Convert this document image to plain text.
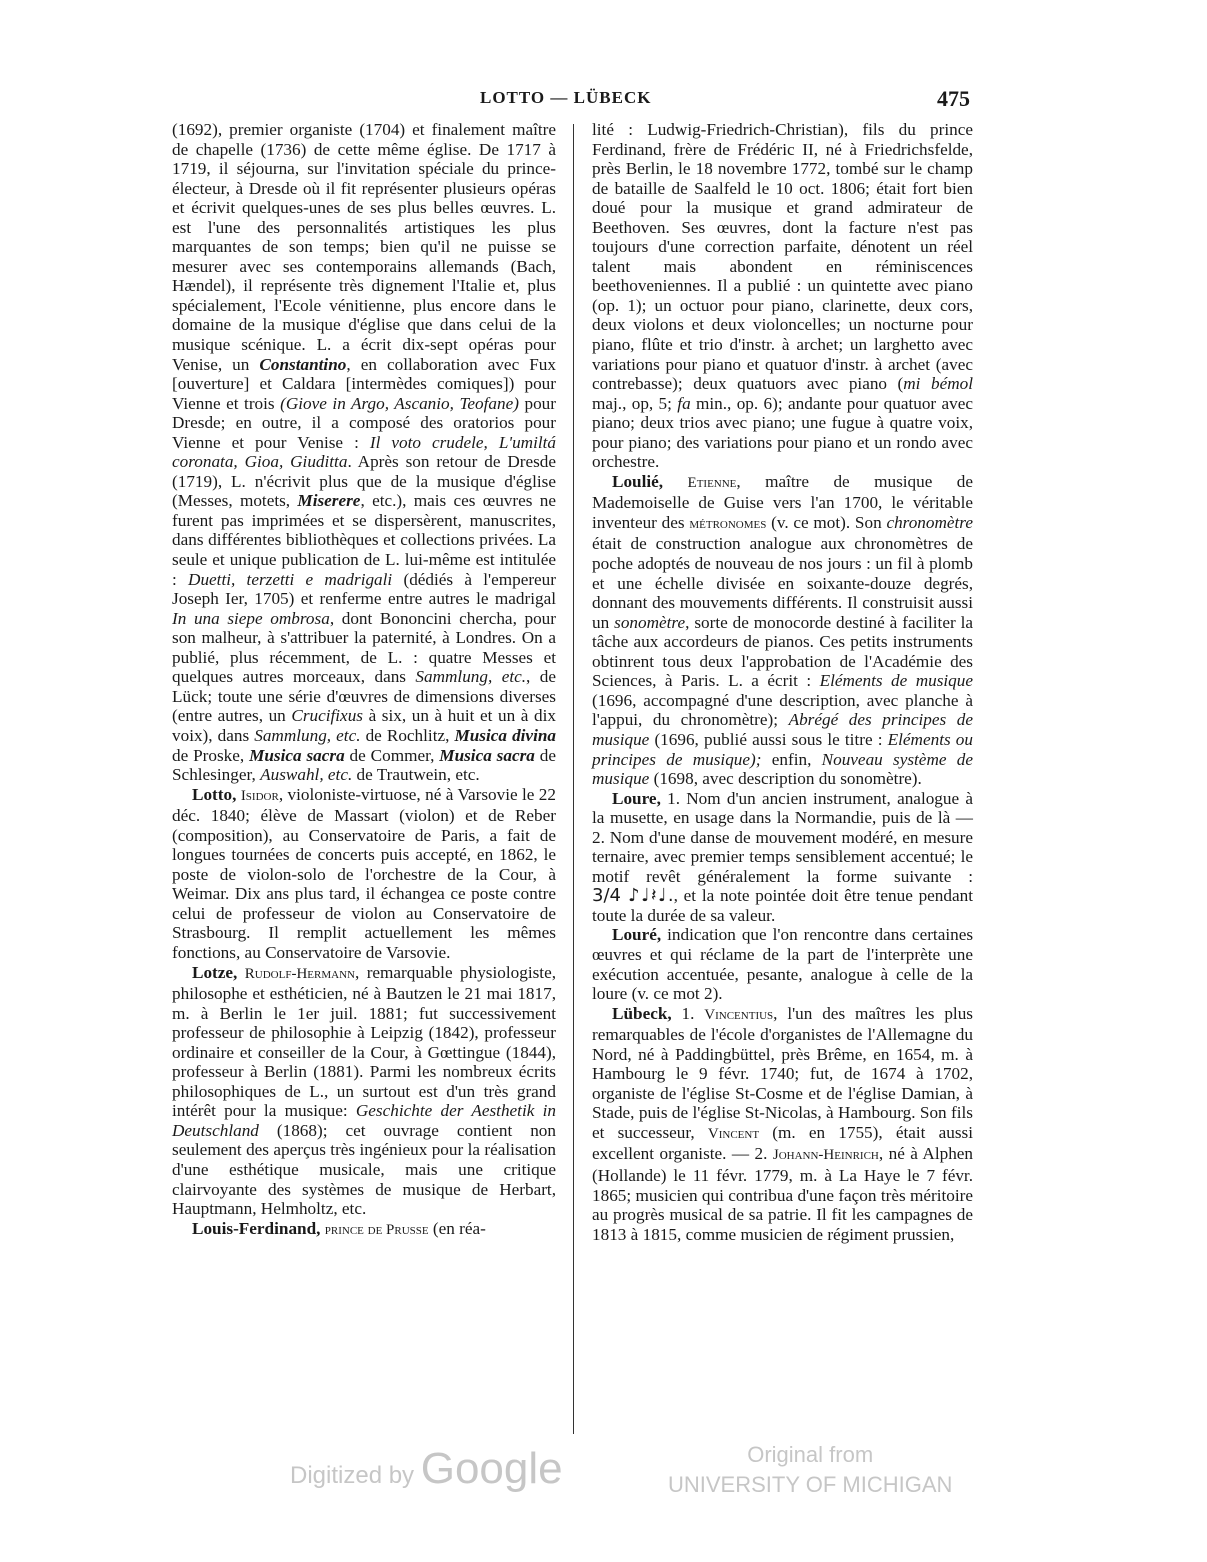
LOTTO — LÜBECK	475

(1692), premier organiste (1704) et finalement maître de chapelle (1736) de cette même église. De 1717 à 1719, il séjourna, sur l'invitation spéciale du prince-électeur, à Dresde où il fit représenter plusieurs opéras et écrivit quelques-unes de ses plus belles œuvres. L. est l'une des personnalités artistiques les plus marquantes de son temps; bien qu'il ne puisse se mesurer avec ses contemporains allemands (Bach, Hændel), il représente très dignement l'Italie et, plus spécialement, l'Ecole vénitienne, plus encore dans le domaine de la musique d'église que dans celui de la musique scénique. L. a écrit dix-sept opéras pour Venise, un Constantino, en collaboration avec Fux [ouverture] et Caldara [intermèdes comiques]) pour Vienne et trois (Giove in Argo, Ascanio, Teofane) pour Dresde; en outre, il a composé des oratorios pour Vienne et pour Venise : Il voto crudele, L'umiltá coronata, Gioa, Giuditta. Après son retour de Dresde (1719), L. n'écrivit plus que de la musique d'église (Messes, motets, Miserere, etc.), mais ces œuvres ne furent pas imprimées et se dispersèrent, manuscrites, dans différentes bibliothèques et collections privées. La seule et unique publication de L. lui-même est intitulée : Duetti, terzetti e madrigali (dédiés à l'empereur Joseph Ier, 1705) et renferme entre autres le madrigal In una siepe ombrosa, dont Bononcini chercha, pour son malheur, à s'attribuer la paternité, à Londres. On a publié, plus récemment, de L. : quatre Messes et quelques autres morceaux, dans Sammlung, etc., de Lück; toute une série d'œuvres de dimensions diverses (entre autres, un Crucifixus à six, un à huit et un à dix voix), dans Sammlung, etc. de Rochlitz, Musica divina de Proske, Musica sacra de Commer, Musica sacra de Schlesinger, Auswahl, etc. de Trautwein, etc.

Lotto, Isidor, violoniste-virtuose, né à Varsovie le 22 déc. 1840; élève de Massart (violon) et de Reber (composition), au Conservatoire de Paris, a fait de longues tournées de concerts puis accepté, en 1862, le poste de violon-solo de l'orchestre de la Cour, à Weimar. Dix ans plus tard, il échangea ce poste contre celui de professeur de violon au Conservatoire de Strasbourg. Il remplit actuellement les mêmes fonctions, au Conservatoire de Varsovie.

Lotze, Rudolf-Hermann, remarquable physiologiste, philosophe et esthéticien, né à Bautzen le 21 mai 1817, m. à Berlin le 1er juil. 1881; fut successivement professeur de philosophie à Leipzig (1842), professeur ordinaire et conseiller de la Cour, à Gœttingue (1844), professeur à Berlin (1881). Parmi les nombreux écrits philosophiques de L., un surtout est d'un très grand intérêt pour la musique: Geschichte der Aesthetik in Deutschland (1868); cet ouvrage contient non seulement des aperçus très ingénieux pour la réalisation d'une esthétique musicale, mais une critique clairvoyante des systèmes de musique de Herbart, Hauptmann, Helmholtz, etc.

Louis-Ferdinand, prince de Prusse (en réa-

lité : Ludwig-Friedrich-Christian), fils du prince Ferdinand, frère de Frédéric II, né à Friedrichsfelde, près Berlin, le 18 novembre 1772, tombé sur le champ de bataille de Saalfeld le 10 oct. 1806; était fort bien doué pour la musique et grand admirateur de Beethoven. Ses œuvres, dont la facture n'est pas toujours d'une correction parfaite, dénotent un réel talent mais abondent en réminiscences beethoveniennes. Il a publié : un quintette avec piano (op. 1); un octuor pour piano, clarinette, deux cors, deux violons et deux violoncelles; un nocturne pour piano, flûte et trio d'instr. à archet; un larghetto avec variations pour piano et quatuor d'instr. à archet (avec contrebasse); deux quatuors avec piano (mi bémol maj., op, 5; fa min., op. 6); andante pour quatuor avec piano; deux trios avec piano; une fugue à quatre voix, pour piano; des variations pour piano et un rondo avec orchestre.

Loulié, Etienne, maître de musique de Mademoiselle de Guise vers l'an 1700, le véritable inventeur des métronomes (v. ce mot). Son chronomètre était de construction analogue aux chronomètres de poche adoptés de nouveau de nos jours : un fil à plomb et une échelle divisée en soixante-douze degrés, donnant des mouvements différents. Il construisit aussi un sonomètre, sorte de monocorde destiné à faciliter la tâche aux accordeurs de pianos. Ces petits instruments obtinrent tous deux l'approbation de l'Académie des Sciences, à Paris. L. a écrit : Eléments de musique (1696, accompagné d'une description, avec planche à l'appui, du chronomètre); Abrégé des principes de musique (1696, publié aussi sous le titre : Eléments ou principes de musique); enfin, Nouveau système de musique (1698, avec description du sonomètre).

Loure, 1. Nom d'un ancien instrument, analogue à la musette, en usage dans la Normandie, puis de là — 2. Nom d'une danse de mouvement modéré, en mesure ternaire, avec premier temps sensiblement accentué; le motif revêt généralement la forme suivante : 3/4 ♪♩𝄽♩., et la note pointée doit être tenue pendant toute la durée de sa valeur.

Louré, indication que l'on rencontre dans certaines œuvres et qui réclame de la part de l'interprète une exécution accentuée, pesante, analogue à celle de la loure (v. ce mot 2).

Lübeck, 1. Vincentius, l'un des maîtres les plus remarquables de l'école d'organistes de l'Allemagne du Nord, né à Paddingbüttel, près Brême, en 1654, m. à Hambourg le 9 févr. 1740; fut, de 1674 à 1702, organiste de l'église St-Cosme et de l'église Damian, à Stade, puis de l'église St-Nicolas, à Hambourg. Son fils et successeur, Vincent (m. en 1755), était aussi excellent organiste. — 2. Johann-Heinrich, né à Alphen (Hollande) le 11 févr. 1779, m. à La Haye le 7 févr. 1865; musicien qui contribua d'une façon très méritoire au progrès musical de sa patrie. Il fit les campagnes de 1813 à 1815, comme musicien de régiment prussien,

Digitized by Google	Original from
UNIVERSITY OF MICHIGAN
